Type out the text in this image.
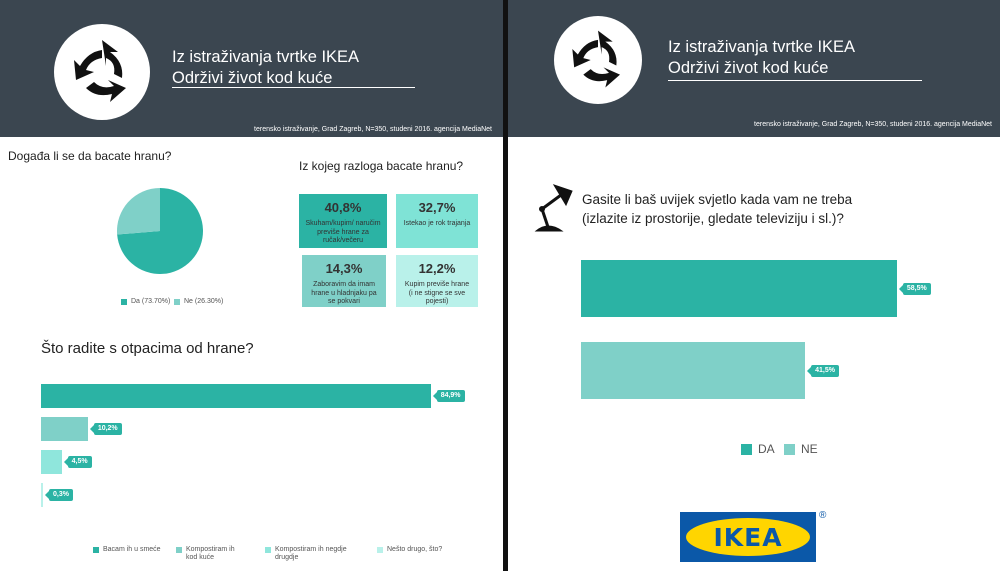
Iz istraživanja tvrtke IKEA
Održivi život kod kuće
terensko istraživanje, Grad Zagreb, N=350, studeni 2016. agencija MediaNet
Događa li se da bacate hranu?
Da (73.70%) Ne (26.30%)
Iz kojeg razloga bacate hranu?
40,8%
Skuham/kupim/ naručim previše hrane za ručak/večeru
32,7%
Istekao je rok trajanja
14,3%
Zaboravim da imam hrane u hladnjaku pa se pokvari
12,2%
Kupim previše hrane (i ne stigne se sve pojesti)
Što radite s otpacima od hrane?
84,9%
10,2%
4,5%
0,3%
Bacam ih u smeće	Kompostiram ih kod kuće
Kompostiram ih negdje drugdje
Nešto drugo, što?
Iz istraživanja tvrtke IKEA
Održivi život kod kuće
terensko istraživanje, Grad Zagreb, N=350, studeni 2016. agencija MediaNet
Gasite li baš uvijek svjetlo kada vam ne treba
(izlazite iz prostorije, gledate televiziju i sl.)?
58,5%
41,5%
DA NE
IKEA
®
